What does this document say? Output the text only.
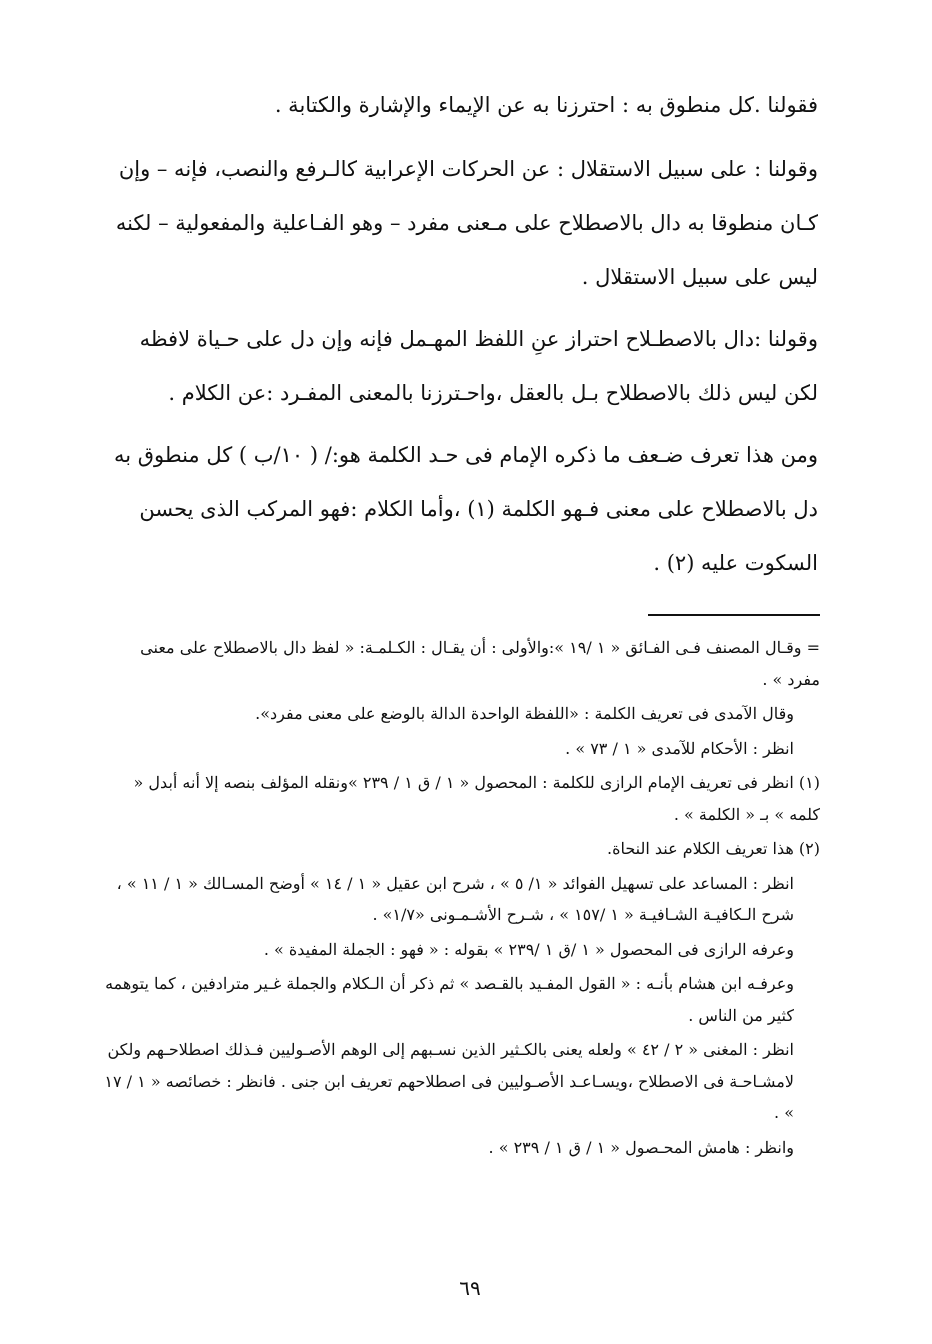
فقولنا .كل منطوق به : احترزنا به عن الإيماء والإشارة والكتابة .

وقولنا : على سبيل الاستقلال : عن الحركات الإعرابية كالـرفع والنصب، فإنه – وإن كـان منطوقا به دال بالاصطلاح على مـعنى مفرد – وهو الفـاعلية والمفعولية – لكنه ليس على سبيل الاستقلال .

وقولنا :دال بالاصطـلاح احتراز عنِ اللفظ المهـمل فإنه وإن دل على حـياة لافظه لكن ليس ذلك بالاصطلاح بـل بالعقل ،واحـترزنا بالمعنى المفـرد :عن الكلام .

ومن هذا تعرف ضـعف ما ذكره الإمام فى حـد الكلمة هو:/ ( ١٠/ب ) كل منطوق به دل بالاصطلاح على معنى فـهو الكلمة (١) ،وأما الكلام :فهو المركب الذى يحسن السكوت عليه (٢) .

= وقـال المصنف فـى الفـائق « ١ /١٩ »:والأولى : أن يقـال : الكـلمـة: « لفظ دال بالاصطلاح على معنى مفرد » .

وقال الآمدى فى تعريف الكلمة : «اللفظة الواحدة الدالة بالوضع على معنى مفرد».

انظر : الأحكام للآمدى « ١ / ٧٣ » .

(١) انظر فى تعريف الإمام الرازى للكلمة : المحصول « ١ / ق ١ / ٢٣٩ »ونقله المؤلف بنصه إلا أنه أبدل « كلمه » بـ « الكلمة » .

(٢) هذا تعريف الكلام عند النحاة.

انظر : المساعد على تسهيل الفوائد « ١/ ٥ » ، شرح ابن عقيل « ١ / ١٤ » أوضح المسـالك « ١ / ١١ » ، شرح الـكافيـة الشـافيـة « ١ /١٥٧ » ، شـرح الأشـمـونى «١/٧» .

وعرفه الرازى فى المحصول « ١ /ق ١ /٢٣٩ » بقوله : « فهو : الجملة المفيدة » .

وعرفـه ابن هشام بأنـه : « القول المفـيد بالقـصد » ثم ذكر أن الـكلام والجملة غـير مترادفين ، كما يتوهمه كثير من الناس .

انظر : المغنى « ٢ / ٤٢ » ولعله يعنى بالكـثير الذين نسـبهم إلى الوهم الأصـوليين فـذلك اصطلاحـهم ولكن لامشـاحـة فى الاصطلاح ،ويسـاعـد الأصـوليين فى اصطلاحهم تعريف ابن جنى . فانظر : خصائصه « ١ / ١٧ » .

وانظر : هامش المحـصول « ١ / ق ١ / ٢٣٩ » .

٦٩
